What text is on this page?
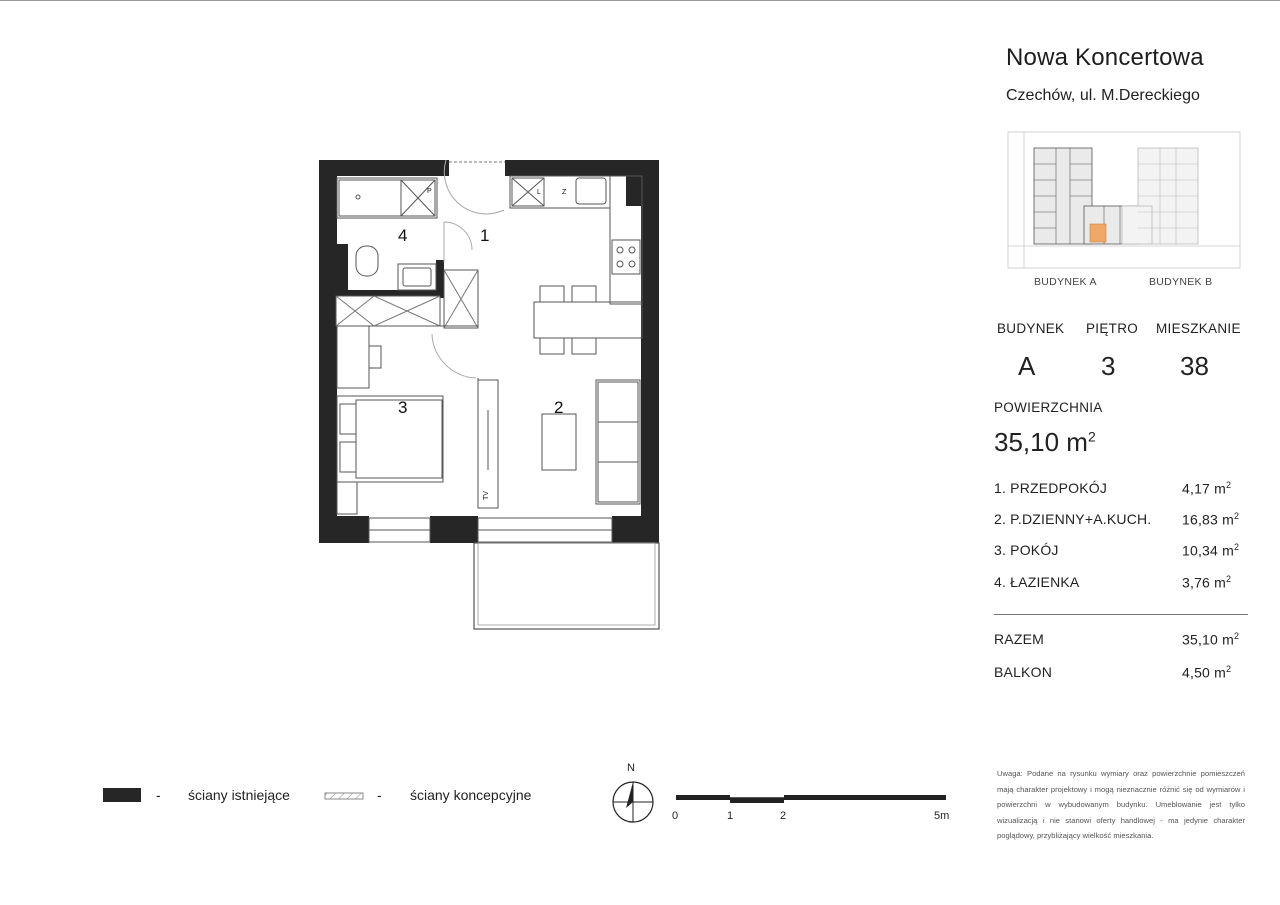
4	1
2
3
TV
L	Z
P
- ściany istniejące	- ściany koncepcyjne
N
0	1	2	5m
Nowa Koncertowa
Czechów, ul. M.Dereckiego
BUDYNEK A	BUDYNEK B
BUDYNEK PIĘTRO MIESZKANIE
A	3 38
POWIERZCHNIA
35,10 $m^2$
1. PRZEDPOKÓJ	4,17 $m^2$
2. P.DZIENNY+A.KUCH. 16,83 $m^2$
3. POKÓJ	10,34 $m^2$
4. ŁAZIENKA	3,76 $m^2$
RAZEM	35,10 $m^2$
BALKON	4,50 $m^2$
Uwaga: Podane na rysunku wymiary oraz powierzchnie pomieszczeń mają charakter projektowy i mogą nieznacznie różnić się od wymiarów i powierzchni w wybudowanym budynku. Umeblowanie jest tylko wizualizacją i nie stanowi oferty handlowej - ma jedynie charakter poglądowy, przybliżający wielkość mieszkania.
